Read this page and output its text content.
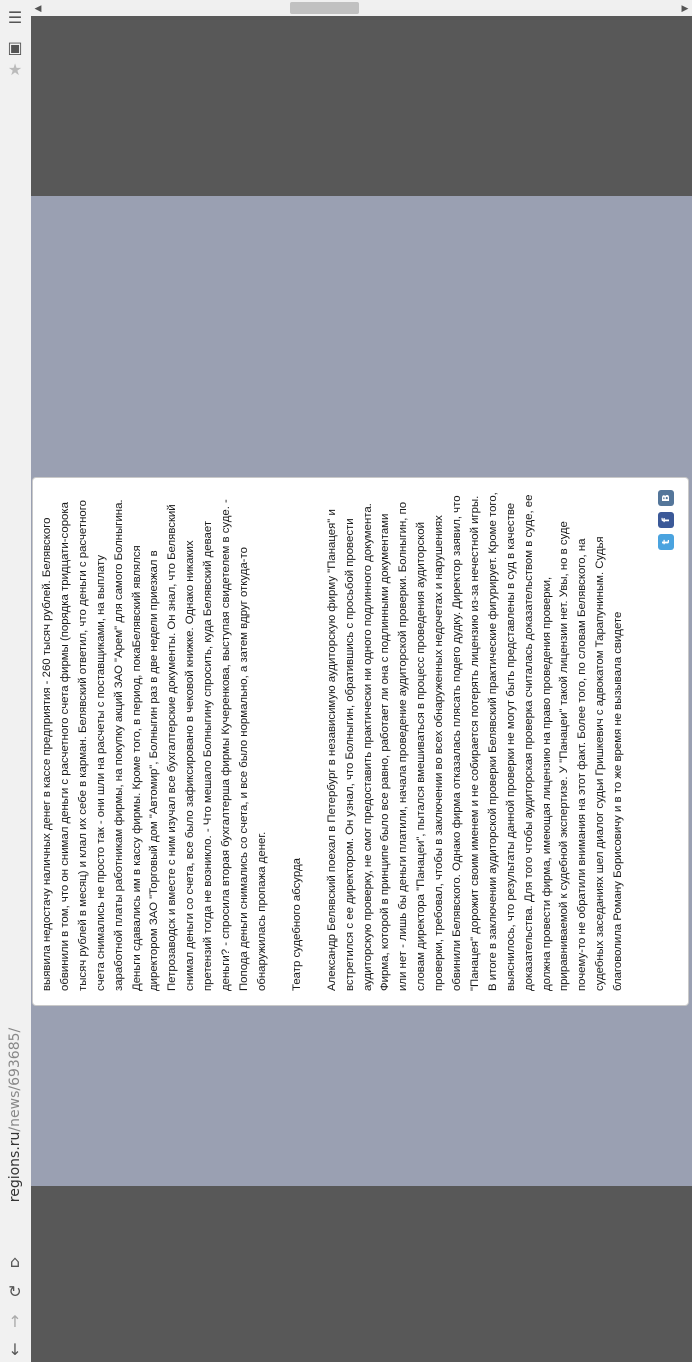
☰
▣
★
regions.ru/news/693685/
⌂
↻
↑
↓
◀	▶

выявила недостачу наличных денег в кассе предприятия - 260 тысяч рублей. Белявского обвинили в том, что он снимал деньги с расчетного счета фирмы (порядка тридцати-сорока тысяч рублей в месяц) и клал их себе в карман. Белявский ответил, что деньги с расчетного счета снимались не просто так - они шли на расчеты с поставщиками, на выплату заработной платы работникам фирмы, на покупку акций ЗАО "Арем" для самого Болныгина. Деньги сдавались им в кассу фирмы. Кроме того, в период, покаБелявский являлся директором ЗАО "Торговый дом "Автомир", Болныгин раз в две недели приезжал в Петрозаводск и вместе с ним изучал все бухгалтерские документы. Он знал, что Белявский снимал деньги со счета, все было зафиксировано в чековой книжке. Однако никаких претензий тогда не возникло. - Что мешало Болныгину спросить, куда Белявский девает деньги? - спросила вторая бухгалтерша фирмы Кучеренкова, выступая свидетелем в суде. - Попода деньги снимались со счета, и все было нормально, а затем вдруг откуда-то обнаружилась пропажа денег.	Театр судебного абсурда	Александр Белявский поехал в Петербург в независимую аудиторскую фирму "Панацея" и встретился с ее директором. Он узнал, что Болныгин, обратившись с просьбой провести аудиторскую проверку, не смог предоставить практически ни одного подлинного документа. Фирма, которой в принципе было все равно, работает ли она с подлинными документами или нет - лишь бы деньги платили, начала проведение аудиторской проверки. Болныгин, по словам директора "Панацеи", пытался вмешиваться в процесс проведения аудиторской проверки, требовал, чтобы в заключении во всех обнаруженных недочетах и нарушениях обвинили Белявского. Однако фирма отказалась плясать подего дудку. Директор заявил, что "Панацея" дорожит своим именем и не собирается потерять лицензию из-за нечестной игры. В итоге в заключении аудиторской проверки Белявский практические фигурирует. Кроме того, выяснилось, что результаты данной проверки не могут быть представлены в суд в качестве доказательства. Для того чтобы аудиторская проверка считалась доказательством в суде, ее должна провести фирма, имеющая лицензию на право проведения проверки, приравниваемой к судебной экспертизе. У "Панацеи" такой лицензии нет. Увы, но в суде почему-то не обратили внимания на этот факт. Более того, по словам Белявского, на судебных заседаниях шел диалог судьи Гришкевич с адвокатом Тарапуниным. Судья благоволила Роману Борисовичу и в то же время не вызывала свидете

t
f
В
